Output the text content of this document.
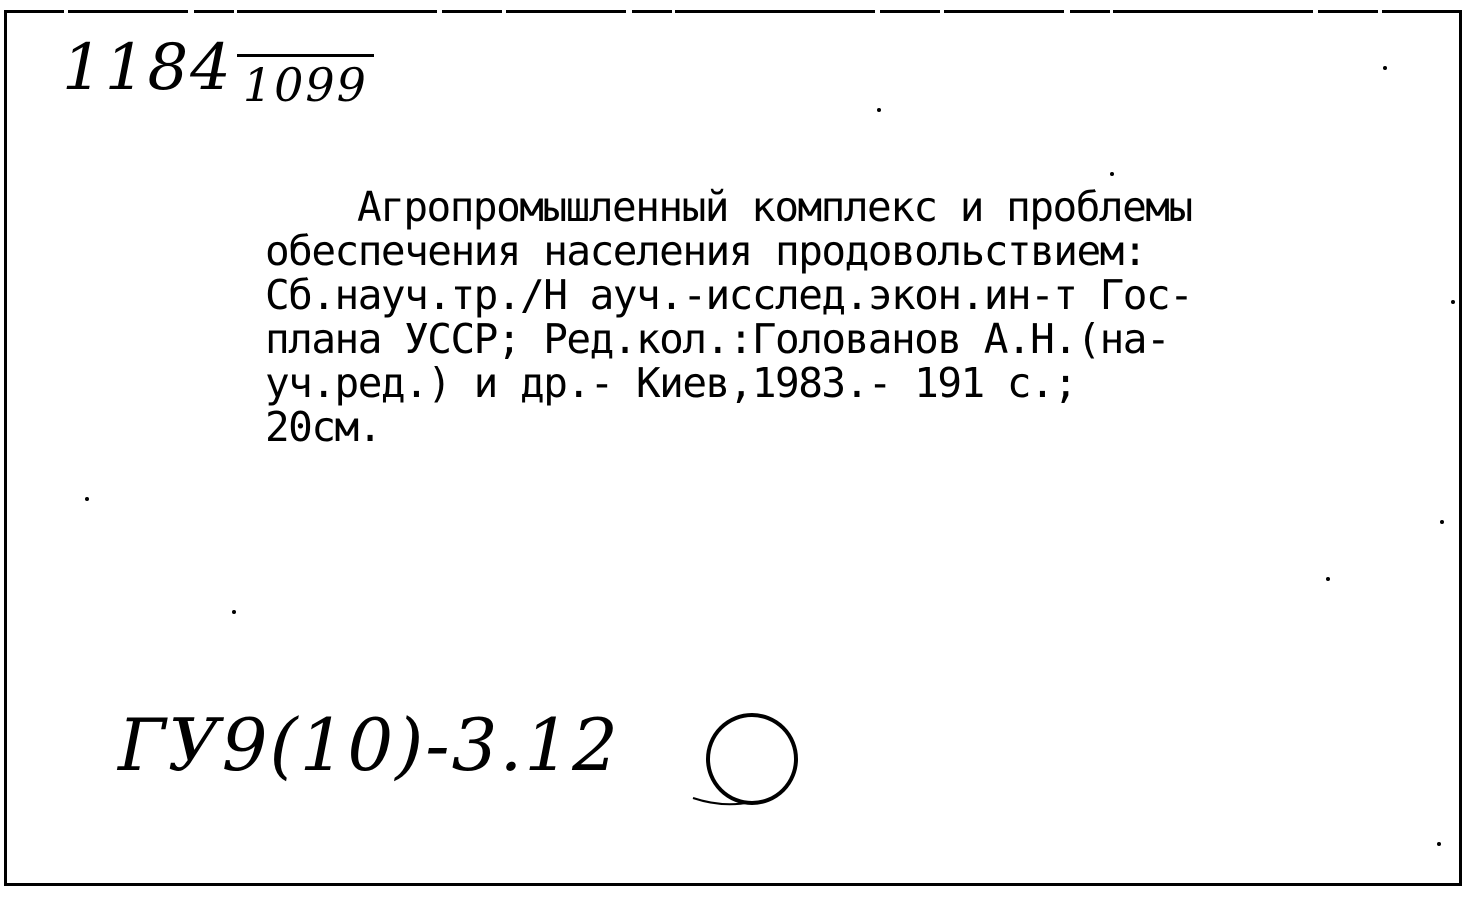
1184 1099

Агропромышленный комплекс и проблемы
обеспечения населения продовольствием:
Сб.науч.тр./Н ауч.-исслед.экон.ин-т Гос-
плана УССР; Ред.кол.:Голованов А.Н.(на-
уч.ред.) и др.- Киев,1983.- 191 с.;
20см.

ГУ9(10)-3.12
